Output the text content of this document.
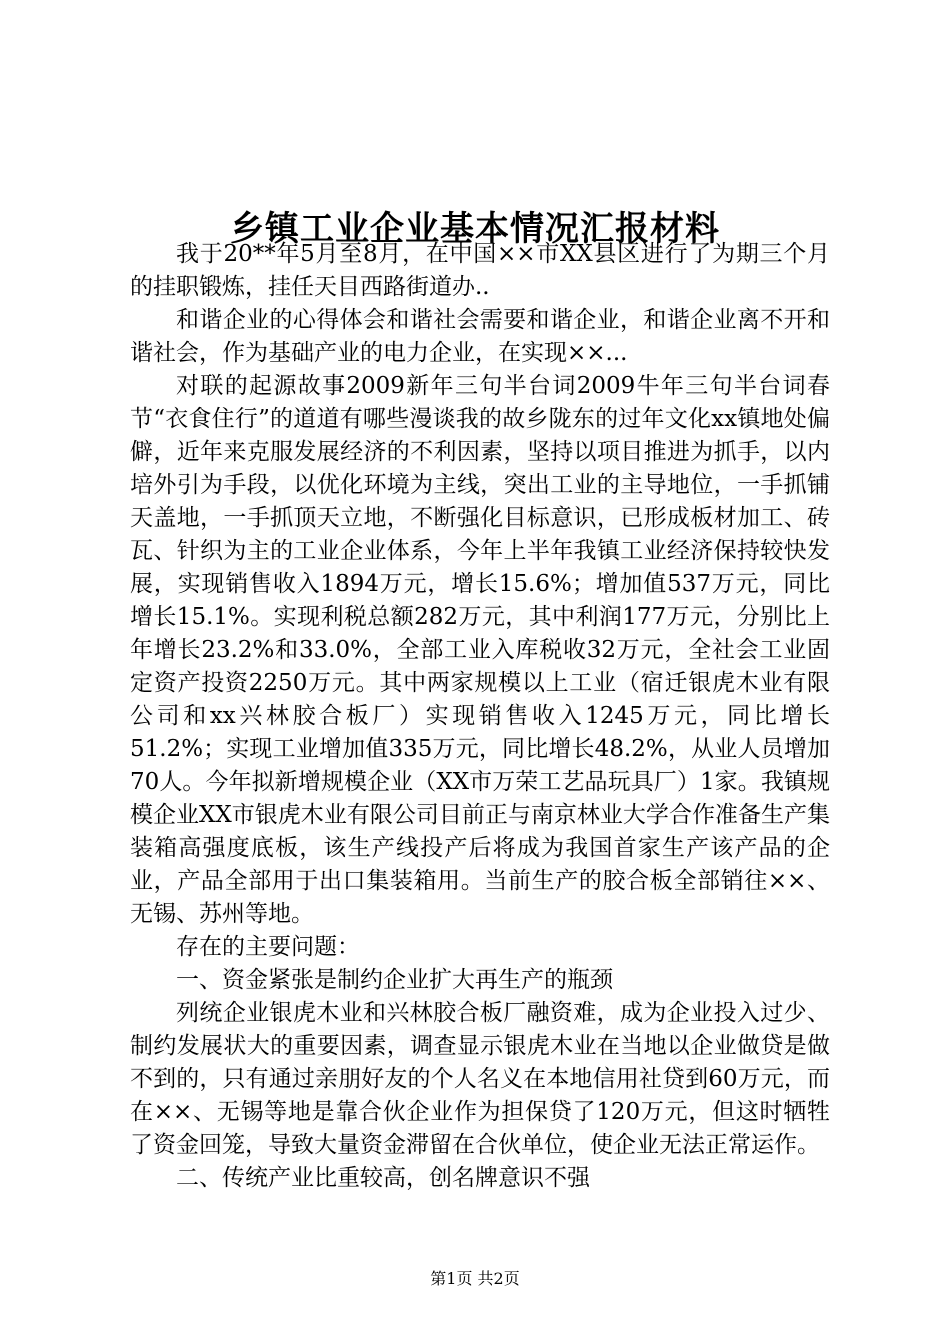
乡镇工业企业基本情况汇报材料

我于20**年5月至8月，在中国××市XX县区进行了为期三个月的挂职锻炼，挂任天目西路街道办..

和谐企业的心得体会和谐社会需要和谐企业，和谐企业离不开和谐社会，作为基础产业的电力企业，在实现××...

对联的起源故事2009新年三句半台词2009牛年三句半台词春节“衣食住行”的道道有哪些漫谈我的故乡陇东的过年文化xx镇地处偏僻，近年来克服发展经济的不利因素，坚持以项目推进为抓手，以内培外引为手段，以优化环境为主线，突出工业的主导地位，一手抓铺天盖地，一手抓顶天立地，不断强化目标意识，已形成板材加工、砖瓦、针织为主的工业企业体系，今年上半年我镇工业经济保持较快发展，实现销售收入1894万元，增长15.6%；增加值537万元，同比增长15.1%。实现利税总额282万元，其中利润177万元，分别比上年增长23.2%和33.0%，全部工业入库税收32万元，全社会工业固定资产投资2250万元。其中两家规模以上工业（宿迁银虎木业有限公司和xx兴林胶合板厂）实现销售收入1245万元，同比增长51.2%；实现工业增加值335万元，同比增长48.2%，从业人员增加70人。今年拟新增规模企业（XX市万荣工艺品玩具厂）1家。我镇规模企业XX市银虎木业有限公司目前正与南京林业大学合作准备生产集装箱高强度底板，该生产线投产后将成为我国首家生产该产品的企业，产品全部用于出口集装箱用。当前生产的胶合板全部销往××、无锡、苏州等地。

存在的主要问题：

一、资金紧张是制约企业扩大再生产的瓶颈

列统企业银虎木业和兴林胶合板厂融资难，成为企业投入过少、制约发展状大的重要因素，调查显示银虎木业在当地以企业做贷是做不到的，只有通过亲朋好友的个人名义在本地信用社贷到60万元，而在××、无锡等地是靠合伙企业作为担保贷了120万元，但这时牺牲了资金回笼，导致大量资金滞留在合伙单位，使企业无法正常运作。

二、传统产业比重较高，创名牌意识不强

第1页 共2页
